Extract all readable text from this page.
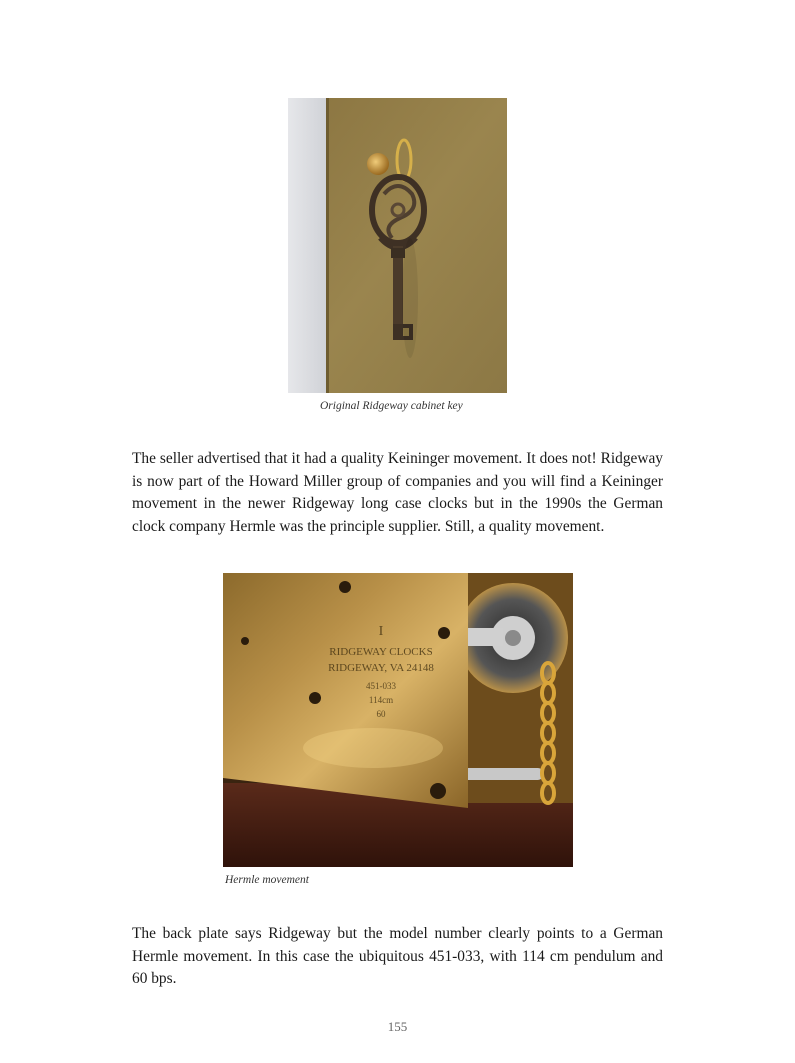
Original Ridgeway cabinet key

The seller advertised that it had a quality Keininger movement. It does not! Ridgeway is now part of the Howard Miller group of companies and you will find a Keininger movement in the newer Ridgeway long case clocks but in the 1990s the German clock company Hermle was the principle supplier. Still, a quality movement.

I
RIDGEWAY CLOCKS
RIDGEWAY, VA 24148
451-033
114cm
60
Hermle movement

The back plate says Ridgeway but the model number clearly points to a German Hermle movement. In this case the ubiquitous 451-033, with 114 cm pendulum and 60 bps.

155
